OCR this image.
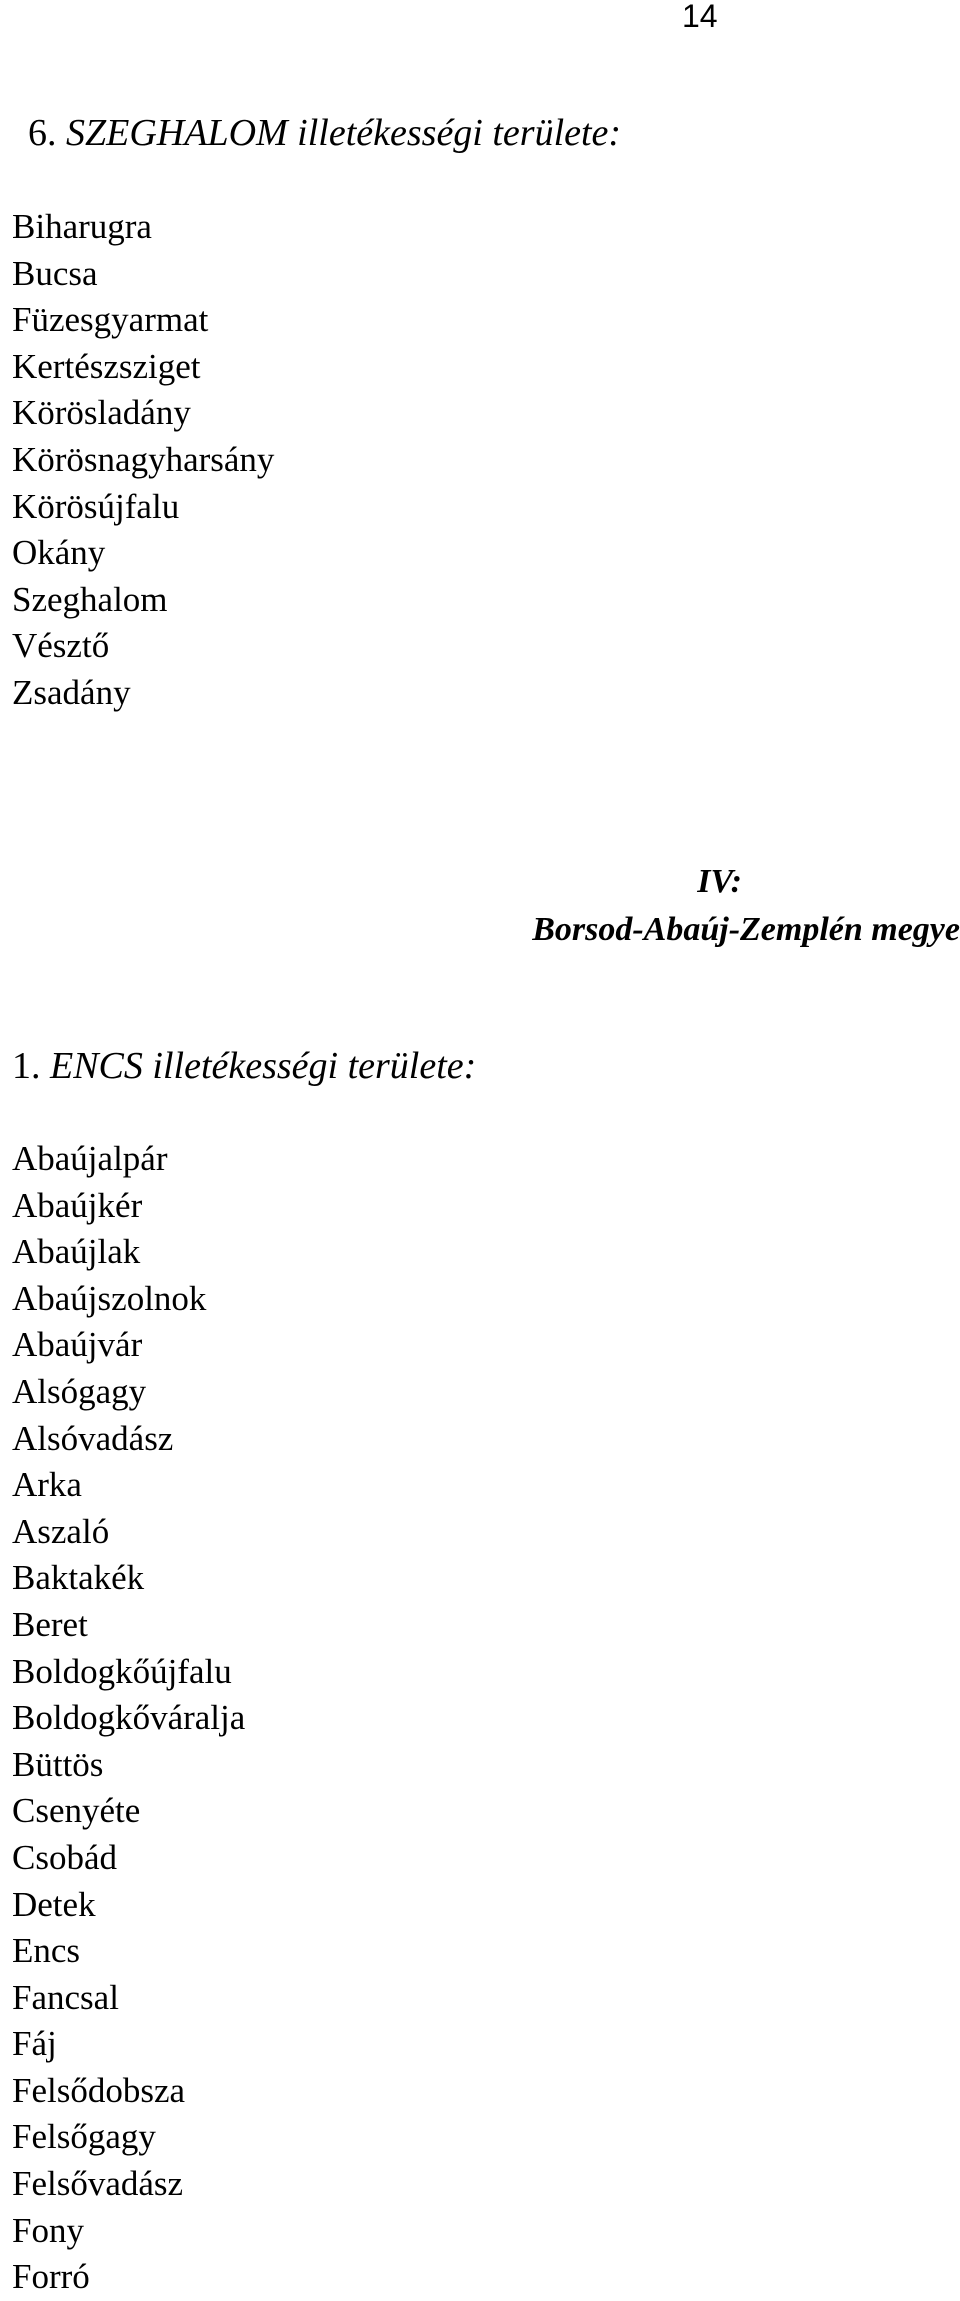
14
6. SZEGHALOM illetékességi területe:
Biharugra
Bucsa
Füzesgyarmat
Kertészsziget
Körösladány
Körösnagyharsány
Körösújfalu
Okány
Szeghalom
Vésztő
Zsadány
IV:
Borsod-Abaúj-Zemplén megye
1. ENCS illetékességi területe:
Abaújalpár
Abaújkér
Abaújlak
Abaújszolnok
Abaújvár
Alsógagy
Alsóvadász
Arka
Aszaló
Baktakék
Beret
Boldogkőújfalu
Boldogkőváralja
Büttös
Csenyéte
Csobád
Detek
Encs
Fancsal
Fáj
Felsődobsza
Felsőgagy
Felsővadász
Fony
Forró
